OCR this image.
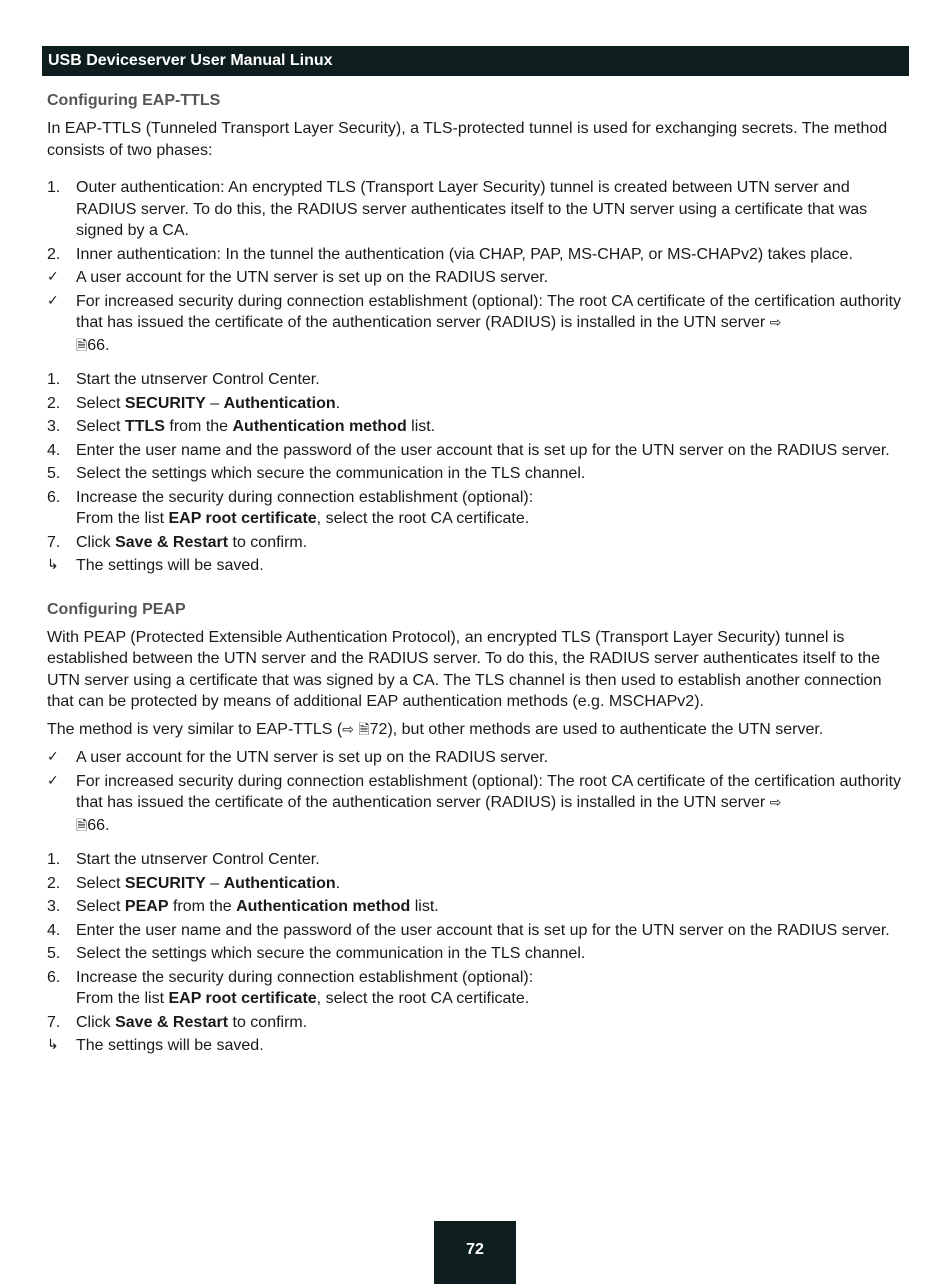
USB Deviceserver User Manual Linux
Configuring EAP-TTLS

In EAP-TTLS (Tunneled Transport Layer Security), a TLS-protected tunnel is used for exchanging secrets. The method consists of two phases:

1. Outer authentication: An encrypted TLS (Transport Layer Security) tunnel is created between UTN server and RADIUS server. To do this, the RADIUS server authenticates itself to the UTN server using a certificate that was signed by a CA.
2. Inner authentication: In the tunnel the authentication (via CHAP, PAP, MS-CHAP, or MS-CHAPv2) takes place.
✓	A user account for the UTN server is set up on the RADIUS server.
✓	For increased security during connection establishment (optional): The root CA certificate of the certification authority that has issued the certificate of the authentication server (RADIUS) is installed in the UTN server ⇨
🗎66.
1. Start the utnserver Control Center.
2. Select SECURITY – Authentication.
3. Select TTLS from the Authentication method list.
4. Enter the user name and the password of the user account that is set up for the UTN server on the RADIUS server.
5. Select the settings which secure the communication in the TLS channel.
6. Increase the security during connection establishment (optional):
From the list EAP root certificate, select the root CA certificate.
7. Click Save & Restart to confirm.
↳	The settings will be saved.
Configuring PEAP

With PEAP (Protected Extensible Authentication Protocol), an encrypted TLS (Transport Layer Security) tunnel is established between the UTN server and the RADIUS server. To do this, the RADIUS server authenticates itself to the UTN server using a certificate that was signed by a CA. The TLS channel is then used to establish another connection that can be protected by means of additional EAP authentication methods (e.g. MSCHAPv2).

The method is very similar to EAP-TTLS (⇨ 🗎72), but other methods are used to authenticate the UTN server.

✓	A user account for the UTN server is set up on the RADIUS server.
✓	For increased security during connection establishment (optional): The root CA certificate of the certification authority that has issued the certificate of the authentication server (RADIUS) is installed in the UTN server ⇨
🗎66.
1. Start the utnserver Control Center.
2. Select SECURITY – Authentication.
3. Select PEAP from the Authentication method list.
4. Enter the user name and the password of the user account that is set up for the UTN server on the RADIUS server.
5. Select the settings which secure the communication in the TLS channel.
6. Increase the security during connection establishment (optional):
From the list EAP root certificate, select the root CA certificate.
7. Click Save & Restart to confirm.
↳	The settings will be saved.
72
